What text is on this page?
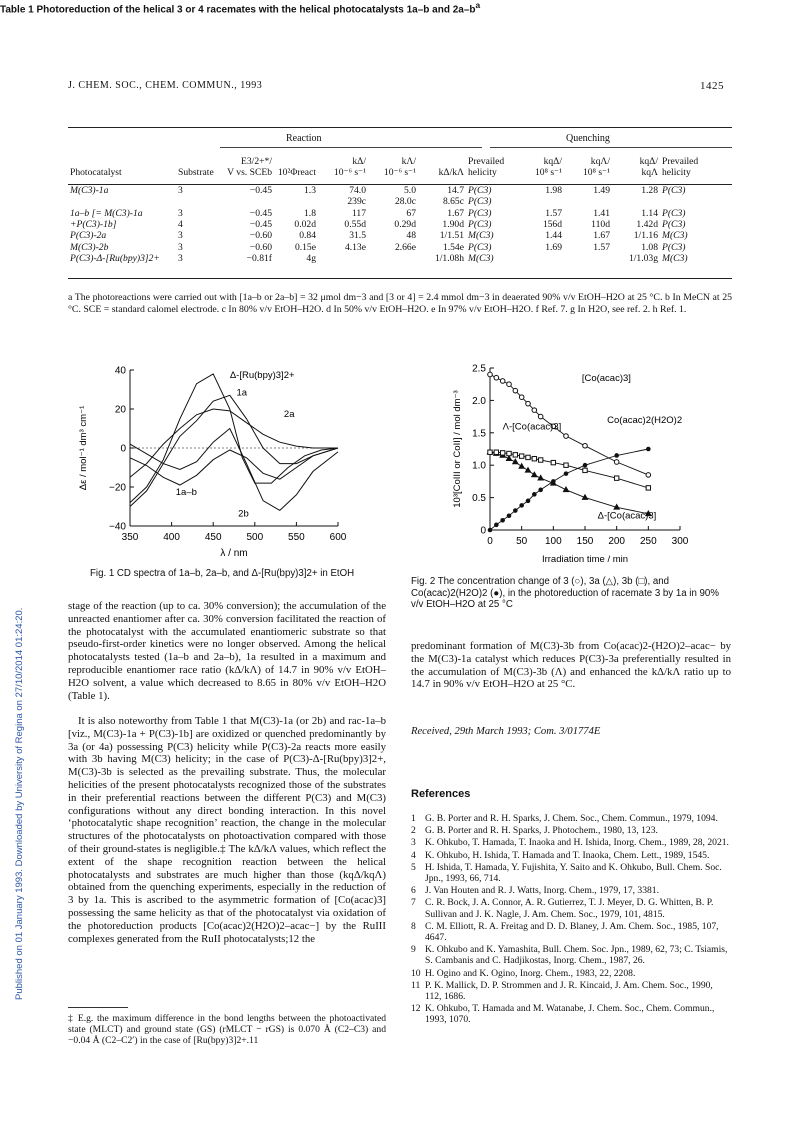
Published on 01 January 1993. Downloaded by University of Regina on 27/10/2014 01:24:20.
J. CHEM. SOC., CHEM. COMMUN., 1993	1425
Table 1 Photoreduction of the helical 3 or 4 racemates with the helical photocatalysts 1a–b and $2a-b^a$
Reaction	Quenching
		E3/2+*/		kΔ/	kΛ/		Prevailed	kqΔ/	kqΛ/	kqΔ/	Prevailed
Photocatalyst	Substrate	V vs. SCEb	10²Φreact	10⁻⁶ s⁻¹	10⁻⁶ s⁻¹	kΔ/kΛ	helicity	10⁸ s⁻¹	10⁸ s⁻¹	kqΛ	helicity

M(C3)-1a	3	−0.45	1.3	74.0	5.0	14.7	P(C3)	1.98	1.49	1.28	P(C3)
				239c	28.0c	8.65c	P(C3)				
1a–b [= M(C3)-1a	3	−0.45	1.8	117	67	1.67	P(C3)	1.57	1.41	1.14	P(C3)
+P(C3)-1b]	4	−0.45	0.02d	0.55d	0.29d	1.90d	P(C3)	156d	110d	1.42d	P(C3)
P(C3)-2a	3	−0.60	0.84	31.5	48	1/1.51	M(C3)	1.44	1.67	1/1.16	M(C3)
M(C3)-2b	3	−0.60	0.15e	4.13e	2.66e	1.54e	P(C3)	1.69	1.57	1.08	P(C3)
P(C3)-Δ-[Ru(bpy)3]2+	3	−0.81f	4g			1/1.08h	M(C3)			1/1.03g	M(C3)
a The photoreactions were carried out with [1a–b or 2a–b] = 32 μmol dm−3 and [3 or 4] = 2.4 mmol dm−3 in deaerated 90% v/v EtOH–H2O at 25 °C. b In MeCN at 25 °C. SCE = standard calomel electrode. c In 80% v/v EtOH–H2O. d In 50% v/v EtOH–H2O. e In 97% v/v EtOH–H2O. f Ref. 7. g In H2O, see ref. 2. h Ref. 1.
40
20
0
−20
−40
350 400 450 500 550 600
λ / nm
Δε / mol⁻¹ dm³ cm⁻¹
Δ-[Ru(bpy)3]2+
1a
2a
1a–b
2b
Fig. 1 CD spectra of 1a–b, 2a–b, and Δ-[Ru(bpy)3]2+ in EtOH
0
0.5
1.0
1.5
2.0
2.5
0 50 100 150 200 250 300
Irradiation time / min
10³[CoIII or CoII] / mol dm⁻³
[Co(acac)3]
Co(acac)2(H2O)2
Λ-[Co(acac)3]
Δ-[Co(acac)3]
Fig. 2 The concentration change of 3 (○), 3a (△), 3b (□), and Co(acac)2(H2O)2 (●), in the photoreduction of racemate 3 by 1a in 90% v/v EtOH–H2O at 25 °C
stage of the reaction (up to ca. 30% conversion); the accumulation of the unreacted enantiomer after ca. 30% conversion facilitated the reaction of the photocatalyst with the accumulated enantiomeric substrate so that pseudo-first-order kinetics were no longer observed. Among the helical photocatalysts tested (1a–b and 2a–b), 1a resulted in a maximum and reproducible enantiomer race ratio (kΔ/kΛ) of 14.7 in 90% v/v EtOH–H2O solvent, a value which decreased to 8.65 in 80% v/v EtOH–H2O (Table 1).
It is also noteworthy from Table 1 that M(C3)-1a (or 2b) and rac-1a–b [viz., M(C3)-1a + P(C3)-1b] are oxidized or quenched predominantly by 3a (or 4a) possessing P(C3) helicity while P(C3)-2a reacts more easily with 3b having M(C3) helicity; in the case of P(C3)-Δ-[Ru(bpy)3]2+, M(C3)-3b is selected as the prevailing substrate. Thus, the molecular helicities of the present photocatalysts recognized those of the substrates in their preferential reactions between the different P(C3) and M(C3) configurations without any direct bonding interaction. In this novel ‘photocatalytic shape recognition’ reaction, the change in the molecular structures of the photocatalysts on photoactivation compared with those of their ground-states is negligible.‡ The kΔ/kΛ values, which reflect the extent of the shape recognition reaction between the helical photocatalysts and substrates are much higher than those (kqΔ/kqΛ) obtained from the quenching experiments, especially in the reduction of 3 by 1a. This is ascribed to the asymmetric formation of [Co(acac)3] possessing the same helicity as that of the photocatalyst via oxidation of the photoreduction products [Co(acac)2(H2O)2–acac−] by the RuIII complexes generated from the RuII photocatalysts;12 the
‡ E.g. the maximum difference in the bond lengths between the photoactivated state (MLCT) and ground state (GS) (rMLCT − rGS) is 0.070 Å (C2–C3) and −0.04 Å (C2–C2′) in the case of [Ru(bpy)3]2+.11
predominant formation of M(C3)-3b from Co(acac)2-(H2O)2–acac− by the M(C3)-1a catalyst which reduces P(C3)-3a preferentially resulted in the accumulation of M(C3)-3b (Λ) and enhanced the kΔ/kΛ ratio up to 14.7 in 90% v/v EtOH–H2O at 25 °C.
Received, 29th March 1993; Com. 3/01774E
References
1 G. B. Porter and R. H. Sparks, J. Chem. Soc., Chem. Commun., 1979, 1094.
2 G. B. Porter and R. H. Sparks, J. Photochem., 1980, 13, 123.
3 K. Ohkubo, T. Hamada, T. Inaoka and H. Ishida, Inorg. Chem., 1989, 28, 2021.
4 K. Ohkubo, H. Ishida, T. Hamada and T. Inaoka, Chem. Lett., 1989, 1545.
5 H. Ishida, T. Hamada, Y. Fujishita, Y. Saito and K. Ohkubo, Bull. Chem. Soc. Jpn., 1993, 66, 714.
6 J. Van Houten and R. J. Watts, Inorg. Chem., 1979, 17, 3381.
7 C. R. Bock, J. A. Connor, A. R. Gutierrez, T. J. Meyer, D. G. Whitten, B. P. Sullivan and J. K. Nagle, J. Am. Chem. Soc., 1979, 101, 4815.
8 C. M. Elliott, R. A. Freitag and D. D. Blaney, J. Am. Chem. Soc., 1985, 107, 4647.
9 K. Ohkubo and K. Yamashita, Bull. Chem. Soc. Jpn., 1989, 62, 73; C. Tsiamis, S. Cambanis and C. Hadjikostas, Inorg. Chem., 1987, 26.
10 H. Ogino and K. Ogino, Inorg. Chem., 1983, 22, 2208.
11 P. K. Mallick, D. P. Strommen and J. R. Kincaid, J. Am. Chem. Soc., 1990, 112, 1686.
12 K. Ohkubo, T. Hamada and M. Watanabe, J. Chem. Soc., Chem. Commun., 1993, 1070.
